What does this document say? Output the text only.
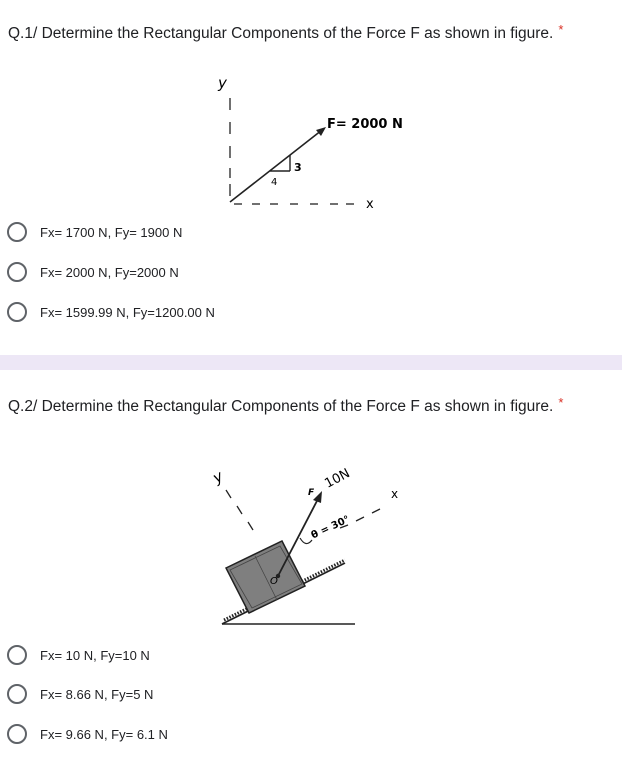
Q.1/ Determine the Rectangular Components of the Force F as shown in figure. *
y
x
F= 2000 N
3
4
Fx= 1700 N, Fy= 1900 N
Fx= 2000 N, Fy=2000 N
Fx= 1599.99 N, Fy=1200.00 N
Q.2/ Determine the Rectangular Components of the Force F as shown in figure. *
y
O
x
F
10N
θ = 30°
Fx= 10 N, Fy=10 N
Fx= 8.66 N, Fy=5 N
Fx= 9.66 N, Fy= 6.1 N
